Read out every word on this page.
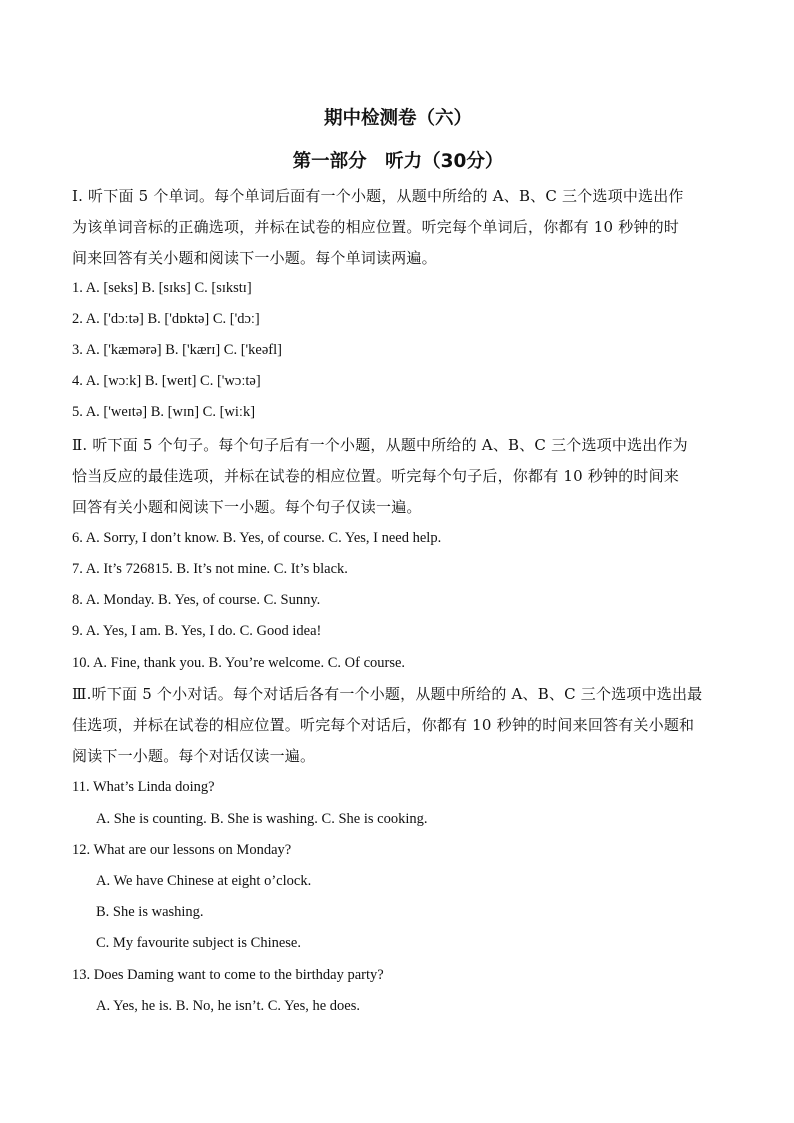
期中检测卷（六）
第一部分　听力（30分）
Ⅰ. 听下面 5 个单词。每个单词后面有一个小题，从题中所给的 A、B、C 三个选项中选出作
为该单词音标的正确选项，并标在试卷的相应位置。听完每个单词后，你都有 10 秒钟的时
间来回答有关小题和阅读下一小题。每个单词读两遍。
1. A. [seks] B. [sɪks] C. [sɪkstɪ]
2. A. ['dɔːtə] B. ['dɒktə] C. ['dɔː]
3. A. ['kæmərə] B. ['kærɪ] C. ['keəfl]
4. A. [wɔːk] B. [weɪt] C. ['wɔːtə]
5. A. ['weɪtə] B. [wɪn] C. [wiːk]
Ⅱ. 听下面 5 个句子。每个句子后有一个小题，从题中所给的 A、B、C 三个选项中选出作为
恰当反应的最佳选项，并标在试卷的相应位置。听完每个句子后，你都有 10 秒钟的时间来
回答有关小题和阅读下一小题。每个句子仅读一遍。
6. A. Sorry, I don’t know. B. Yes, of course. C. Yes, I need help.
7. A. It’s 726815. B. It’s not mine. C. It’s black.
8. A. Monday. B. Yes, of course. C. Sunny.
9. A. Yes, I am. B. Yes, I do. C. Good idea!
10. A. Fine, thank you. B. You’re welcome. C. Of course.
Ⅲ.听下面 5 个小对话。每个对话后各有一个小题，从题中所给的 A、B、C 三个选项中选出最
佳选项，并标在试卷的相应位置。听完每个对话后，你都有 10 秒钟的时间来回答有关小题和
阅读下一小题。每个对话仅读一遍。
11. What’s Linda doing?
A. She is counting. B. She is washing. C. She is cooking.
12. What are our lessons on Monday?
A. We have Chinese at eight o’clock.
B. She is washing.
C. My favourite subject is Chinese.
13. Does Daming want to come to the birthday party?
A. Yes, he is. B. No, he isn’t. C. Yes, he does.
